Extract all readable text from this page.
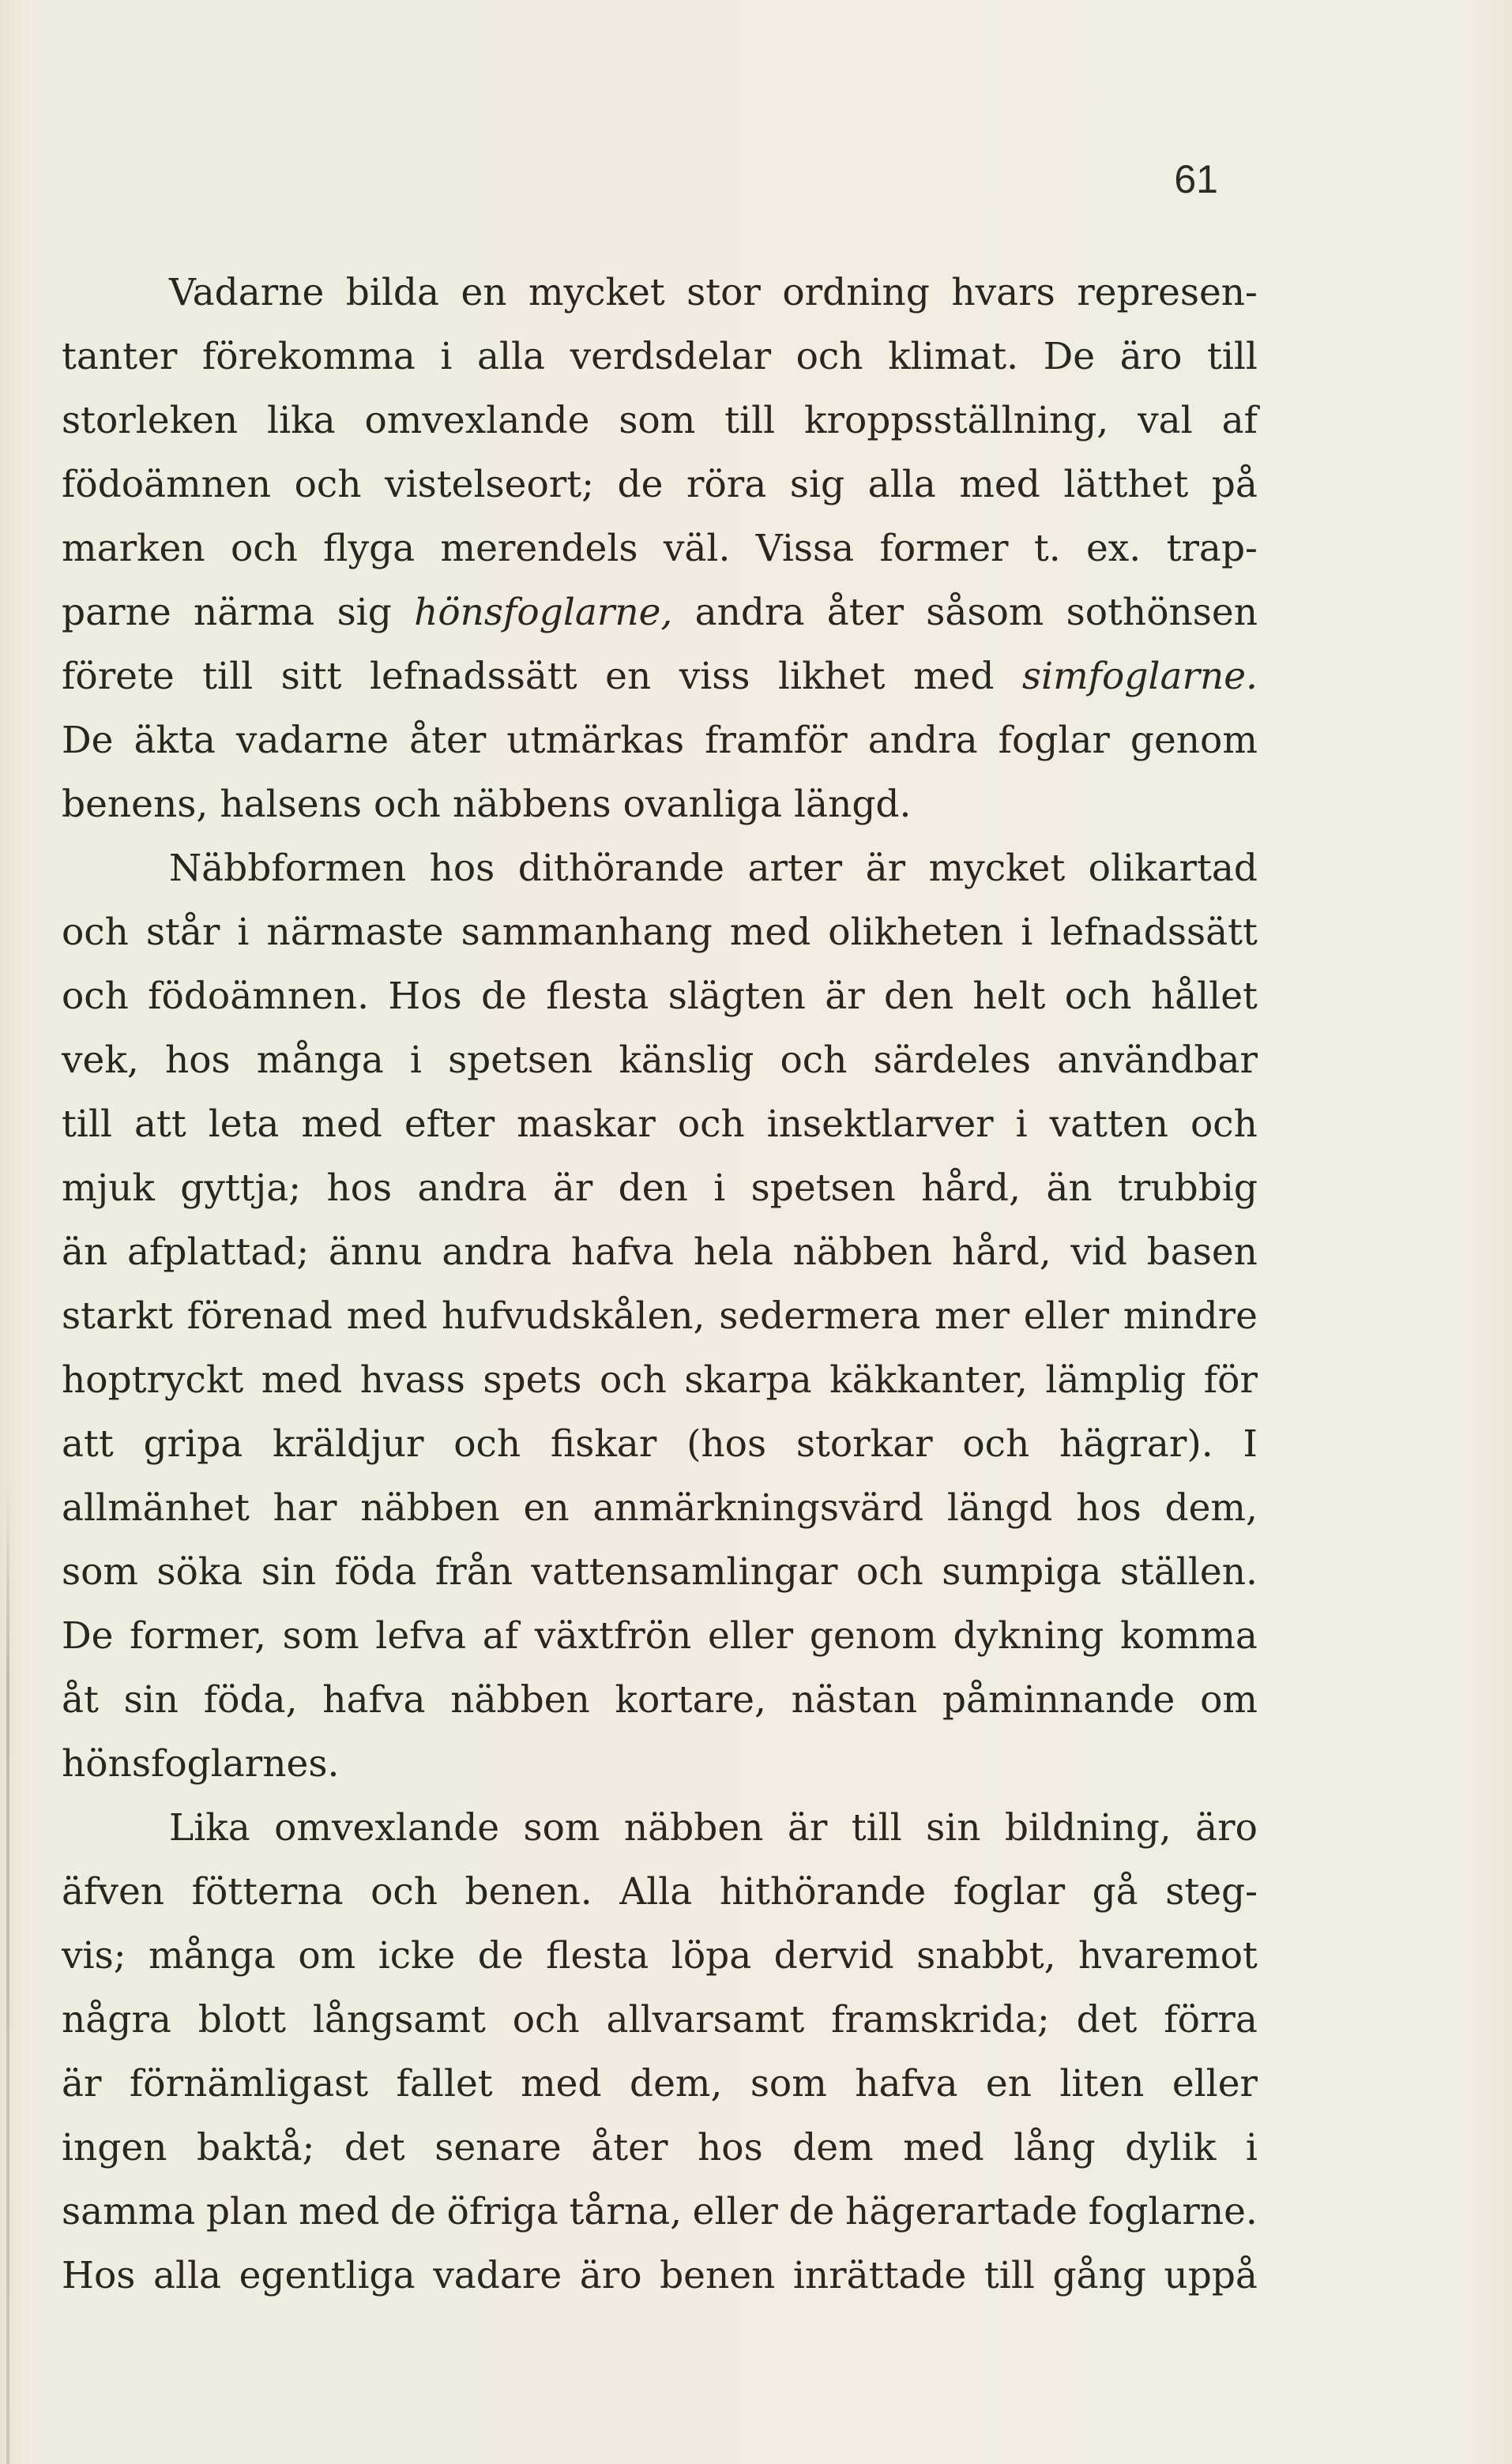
61
Vadarne bilda en mycket stor ordning hvars represen-
tanter förekomma i alla verdsdelar och klimat. De äro till
storleken lika omvexlande som till kroppsställning, val af
födoämnen och vistelseort; de röra sig alla med lätthet på
marken och flyga merendels väl. Vissa former t. ex. trap-
parne närma sig hönsfoglarne, andra åter såsom sothönsen
förete till sitt lefnadssätt en viss likhet med simfoglarne.
De äkta vadarne åter utmärkas framför andra foglar genom
benens, halsens och näbbens ovanliga längd.
Näbbformen hos dithörande arter är mycket olikartad
och står i närmaste sammanhang med olikheten i lefnadssätt
och födoämnen. Hos de flesta slägten är den helt och hållet
vek, hos många i spetsen känslig och särdeles användbar
till att leta med efter maskar och insektlarver i vatten och
mjuk gyttja; hos andra är den i spetsen hård, än trubbig
än afplattad; ännu andra hafva hela näbben hård, vid basen
starkt förenad med hufvudskålen, sedermera mer eller mindre
hoptryckt med hvass spets och skarpa käkkanter, lämplig för
att gripa kräldjur och fiskar (hos storkar och hägrar). I
allmänhet har näbben en anmärkningsvärd längd hos dem,
som söka sin föda från vattensamlingar och sumpiga ställen.
De former, som lefva af växtfrön eller genom dykning komma
åt sin föda, hafva näbben kortare, nästan påminnande om
hönsfoglarnes.
Lika omvexlande som näbben är till sin bildning, äro
äfven fötterna och benen. Alla hithörande foglar gå steg-
vis; många om icke de flesta löpa dervid snabbt, hvaremot
några blott långsamt och allvarsamt framskrida; det förra
är förnämligast fallet med dem, som hafva en liten eller
ingen baktå; det senare åter hos dem med lång dylik i
samma plan med de öfriga tårna, eller de hägerartade foglarne.
Hos alla egentliga vadare äro benen inrättade till gång uppå
